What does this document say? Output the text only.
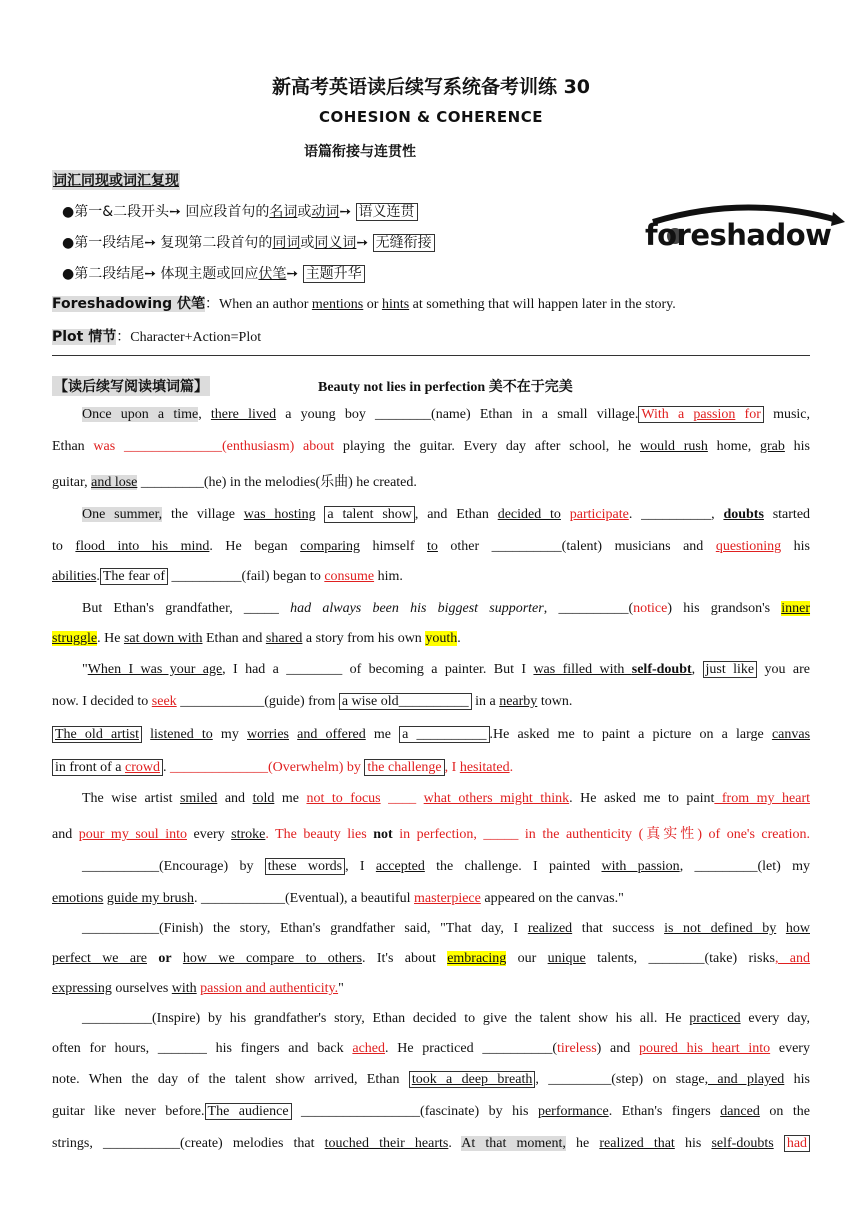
新高考英语读后续写系统备考训练 30
COHESION & COHERENCE
语篇衔接与连贯性
词汇同现或词汇复现
●第一&二段开头➙ 回应段首句的名词或动词➙ 语义连贯
●第一段结尾➙ 复现第二段首句的同词或同义词➙ 无缝衔接
●第二段结尾➙ 体现主题或回应伏笔➙ 主题升华
foreshadow
Foreshadowing 伏笔：When an author mentions or hints at something that will happen later in the story.
Plot 情节：Character+Action=Plot
【读后续写阅读填词篇】	Beauty not lies in perfection 美不在于完美
Once upon a time, there lived a young boy ________(name) Ethan in a small village. With a passion for music,
Ethan was ______________(enthusiasm) about playing the guitar. Every day after school, he would rush home, grab his
guitar, and lose _________(he) in the melodies(乐曲) he created.
One summer, the village was hosting a talent show , and Ethan decided to participate. __________, doubts started
to flood into his mind. He began comparing himself to other __________(talent) musicians and questioning his
abilities. The fear of __________(fail) began to consume him.
But Ethan's grandfather, _____ had always been his biggest supporter, __________(notice) his grandson's inner
struggle. He sat down with Ethan and shared a story from his own youth.
"When I was your age, I had a ________ of becoming a painter. But I was filled with self-doubt, just like you are
now. I decided to seek ____________(guide) from a wise old__________ in a nearby town.
The old artist listened to my worries and offered me a __________ .He asked me to paint a picture on a large canvas
in front of a crowd . ______________(Overwhelm) by the challenge , I hesitated.
The wise artist smiled and told me not to focus ____ what others might think. He asked me to paint from my heart
and pour my soul into every stroke. The beauty lies not in perfection, _____ in the authenticity (真实性) of one's creation.
___________(Encourage) by these words , I accepted the challenge. I painted with passion, _________(let) my
emotions guide my brush. ____________(Eventual), a beautiful masterpiece appeared on the canvas."
___________(Finish) the story, Ethan's grandfather said, "That day, I realized that success is not defined by how
perfect we are or how we compare to others. It's about embracing our unique talents, ________(take) risks, and
expressing ourselves with passion and authenticity."
__________(Inspire) by his grandfather's story, Ethan decided to give the talent show his all. He practiced every day,
often for hours, _______ his fingers and back ached. He practiced __________(tireless) and poured his heart into every
note. When the day of the talent show arrived, Ethan took a deep breath , _________(step) on stage, and played his
guitar like never before. The audience _________________(fascinate) by his performance. Ethan's fingers danced on the
strings, ___________(create) melodies that touched their hearts. At that moment, he realized that his self-doubts had
